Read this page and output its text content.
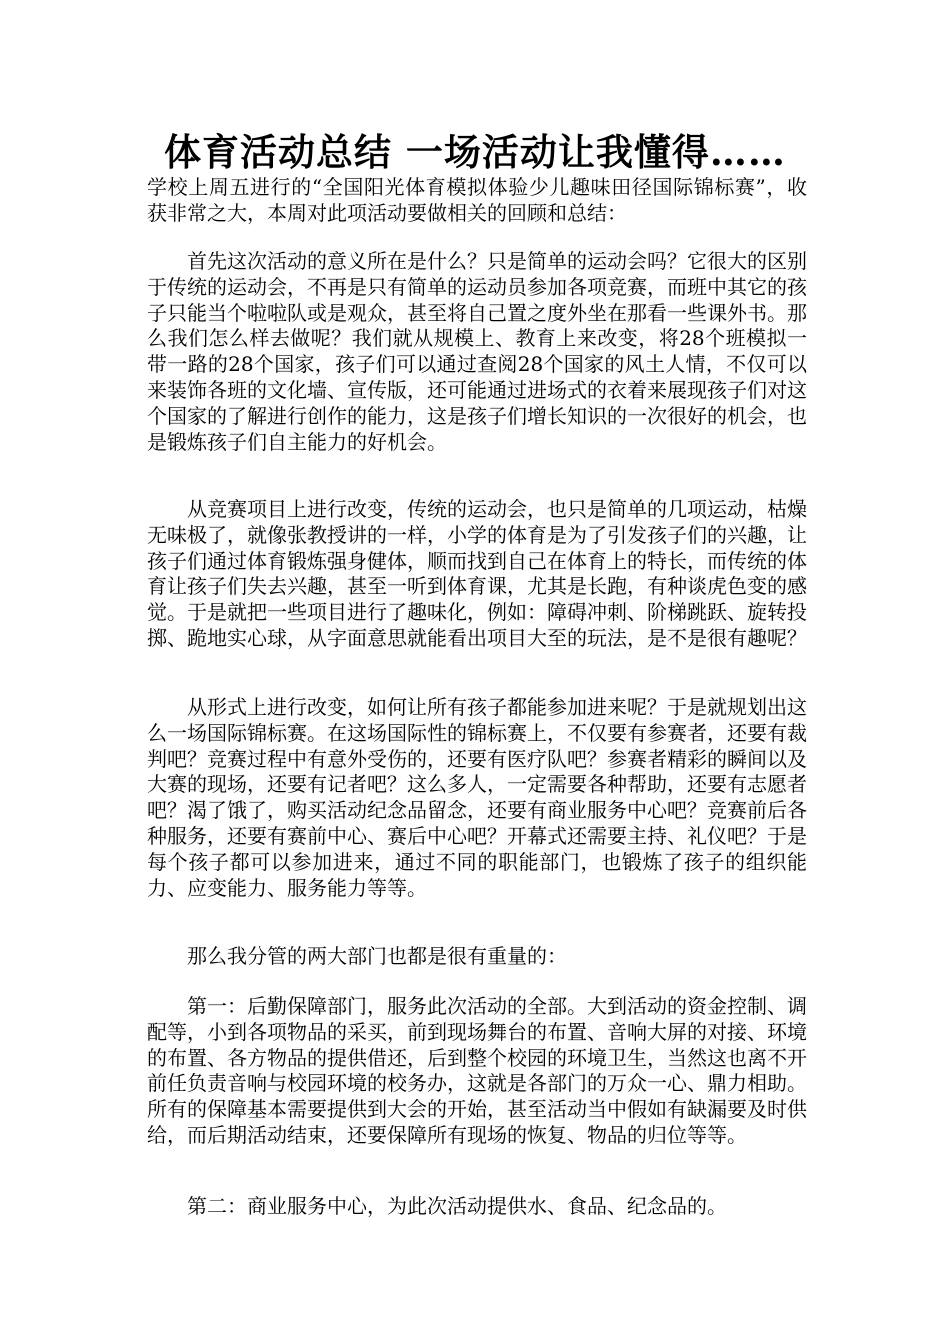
体育活动总结 一场活动让我懂得……
学校上周五进行的“全国阳光体育模拟体验少儿趣味田径国际锦标赛”，收获非常之大，本周对此项活动要做相关的回顾和总结：
首先这次活动的意义所在是什么？只是简单的运动会吗？它很大的区别于传统的运动会，不再是只有简单的运动员参加各项竞赛，而班中其它的孩子只能当个啦啦队或是观众，甚至将自己置之度外坐在那看一些课外书。那么我们怎么样去做呢？我们就从规模上、教育上来改变，将28个班模拟一带一路的28个国家，孩子们可以通过查阅28个国家的风土人情，不仅可以来装饰各班的文化墙、宣传版，还可能通过进场式的衣着来展现孩子们对这个国家的了解进行创作的能力，这是孩子们增长知识的一次很好的机会，也是锻炼孩子们自主能力的好机会。
从竞赛项目上进行改变，传统的运动会，也只是简单的几项运动，枯燥无味极了，就像张教授讲的一样，小学的体育是为了引发孩子们的兴趣，让孩子们通过体育锻炼强身健体，顺而找到自己在体育上的特长，而传统的体育让孩子们失去兴趣，甚至一听到体育课，尤其是长跑，有种谈虎色变的感觉。于是就把一些项目进行了趣味化，例如：障碍冲刺、阶梯跳跃、旋转投掷、跪地实心球，从字面意思就能看出项目大至的玩法，是不是很有趣呢？
从形式上进行改变，如何让所有孩子都能参加进来呢？于是就规划出这么一场国际锦标赛。在这场国际性的锦标赛上，不仅要有参赛者，还要有裁判吧？竞赛过程中有意外受伤的，还要有医疗队吧？参赛者精彩的瞬间以及大赛的现场，还要有记者吧？这么多人，一定需要各种帮助，还要有志愿者吧？渴了饿了，购买活动纪念品留念，还要有商业服务中心吧？竞赛前后各种服务，还要有赛前中心、赛后中心吧？开幕式还需要主持、礼仪吧？于是每个孩子都可以参加进来，通过不同的职能部门，也锻炼了孩子的组织能力、应变能力、服务能力等等。
那么我分管的两大部门也都是很有重量的：
第一：后勤保障部门，服务此次活动的全部。大到活动的资金控制、调配等，小到各项物品的采买，前到现场舞台的布置、音响大屏的对接、环境的布置、各方物品的提供借还，后到整个校园的环境卫生，当然这也离不开前任负责音响与校园环境的校务办，这就是各部门的万众一心、鼎力相助。所有的保障基本需要提供到大会的开始，甚至活动当中假如有缺漏要及时供给，而后期活动结束，还要保障所有现场的恢复、物品的归位等等。
第二：商业服务中心，为此次活动提供水、食品、纪念品的。
